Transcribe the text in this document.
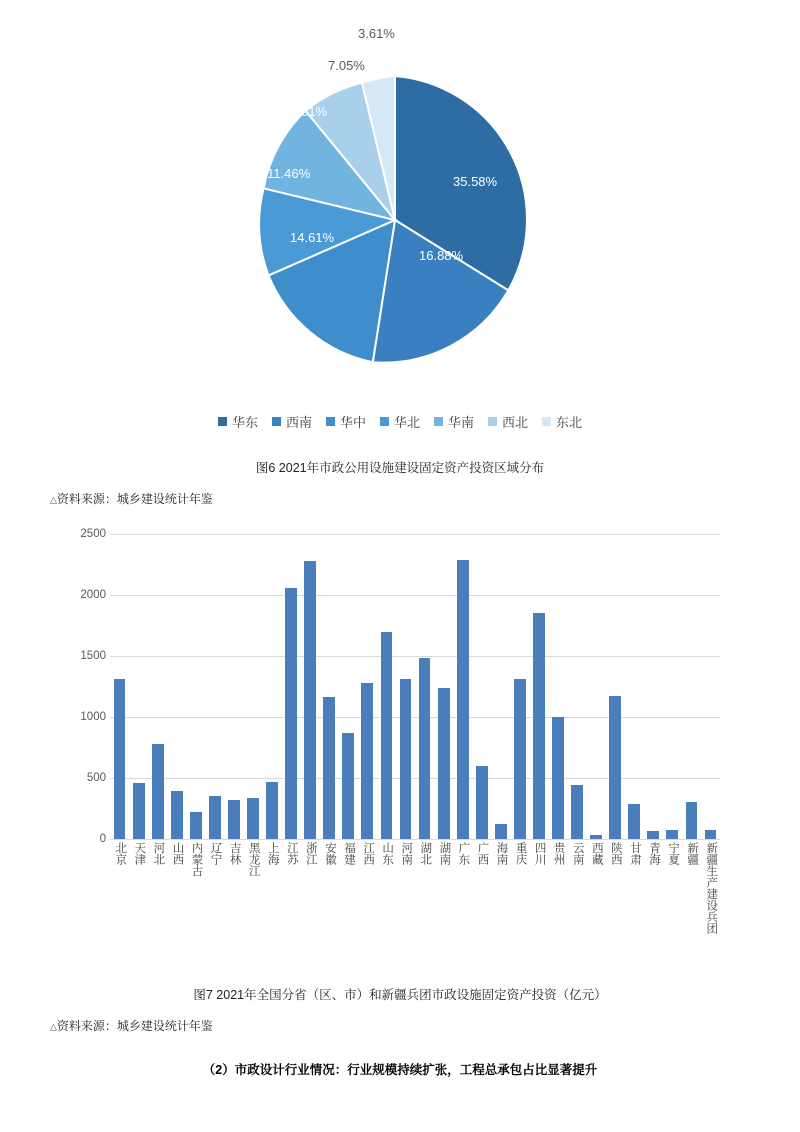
35.58%
16.88%
14.61%
11.46%
10.81%
7.05%
3.61%
华东 西南 华中 华北 华南 西北 东北
图6 2021年市政公用设施建设固定资产投资区域分布
△资料来源：城乡建设统计年鉴
2500
2000
1500
1000
500
0
北京 天津 河北 山西 内蒙古 辽宁 吉林 黑龙江 上海 江苏 浙江 安徽 福建 江西 山东 河南 湖北 湖南 广东 广西 海南 重庆 四川 贵州 云南 西藏 陕西 甘肃 青海 宁夏 新疆 新疆生产建设兵团
图7 2021年全国分省（区、市）和新疆兵团市政设施固定资产投资（亿元）
△资料来源：城乡建设统计年鉴
（2）市政设计行业情况：行业规模持续扩张，工程总承包占比显著提升
